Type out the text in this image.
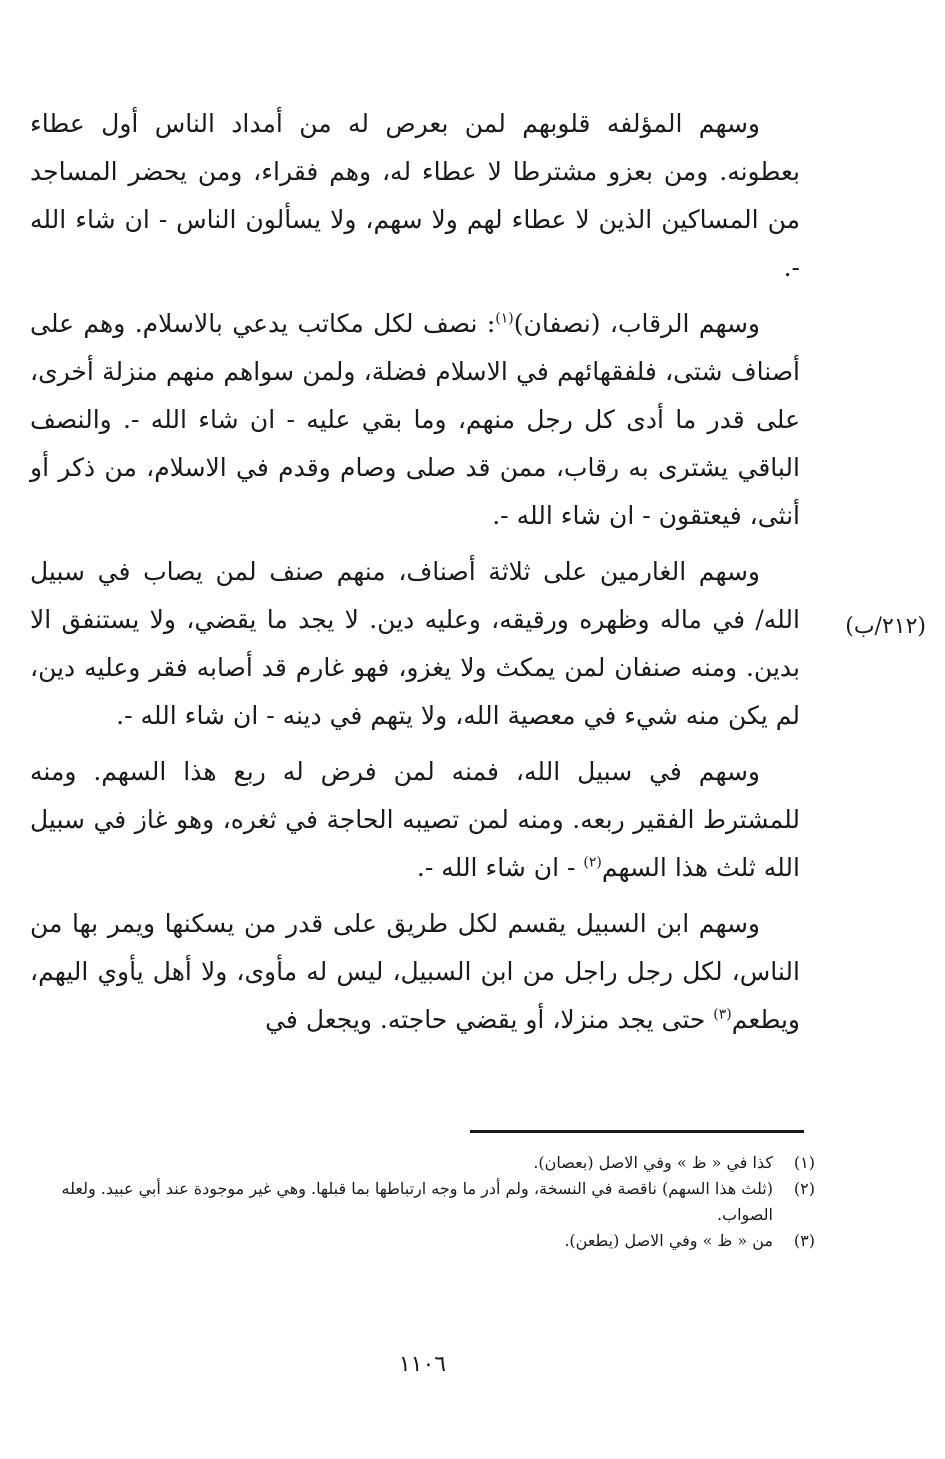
وسهم المؤلفه قلوبهم لمن بعرص له من أمداد الناس أول عطاء بعطونه. ومن بعزو مشترطا لا عطاء له، وهم فقراء، ومن يحضر المساجد من المساكين الذين لا عطاء لهم ولا سهم، ولا يسألون الناس - ان شاء الله -.

وسهم الرقاب، (نصفان)$^{(١)}$: نصف لكل مكاتب يدعي بالاسلام. وهم على أصناف شتى، فلفقهائهم في الاسلام فضلة، ولمن سواهم منهم منزلة أخرى، على قدر ما أدى كل رجل منهم، وما بقي عليه - ان شاء الله -. والنصف الباقي يشترى به رقاب، ممن قد صلى وصام وقدم في الاسلام، من ذكر أو أنثى، فيعتقون - ان شاء الله -.

وسهم الغارمين على ثلاثة أصناف، منهم صنف لمن يصاب في سبيل الله/ في ماله وظهره ورقيقه، وعليه دين. لا يجد ما يقضي، ولا يستنفق الا بدين. ومنه صنفان لمن يمكث ولا يغزو، فهو غارم قد أصابه فقر وعليه دين، لم يكن منه شيء في معصية الله، ولا يتهم في دينه - ان شاء الله -.

وسهم في سبيل الله، فمنه لمن فرض له ربع هذا السهم. ومنه للمشترط الفقير ربعه. ومنه لمن تصيبه الحاجة في ثغره، وهو غاز في سبيل الله ثلث هذا السهم$^{(٢)}$ - ان شاء الله -.

وسهم ابن السبيل يقسم لكل طريق على قدر من يسكنها ويمر بها من الناس، لكل رجل راجل من ابن السبيل، ليس له مأوى، ولا أهل يأوي اليهم، ويطعم$^{(٣)}$ حتى يجد منزلا، أو يقضي حاجته. ويجعل في

(٢١٢/ب)
(١)
كذا في « ظ » وفي الاصل (بعصان).
(٢)
(ثلث هذا السهم) ناقصة في النسخة، ولم أدر ما وجه ارتباطها بما قبلها. وهي غير موجودة عند أبي عبيد. ولعله الصواب.
(٣)
من « ظ » وفي الاصل (يطعن).
١١٠٦
